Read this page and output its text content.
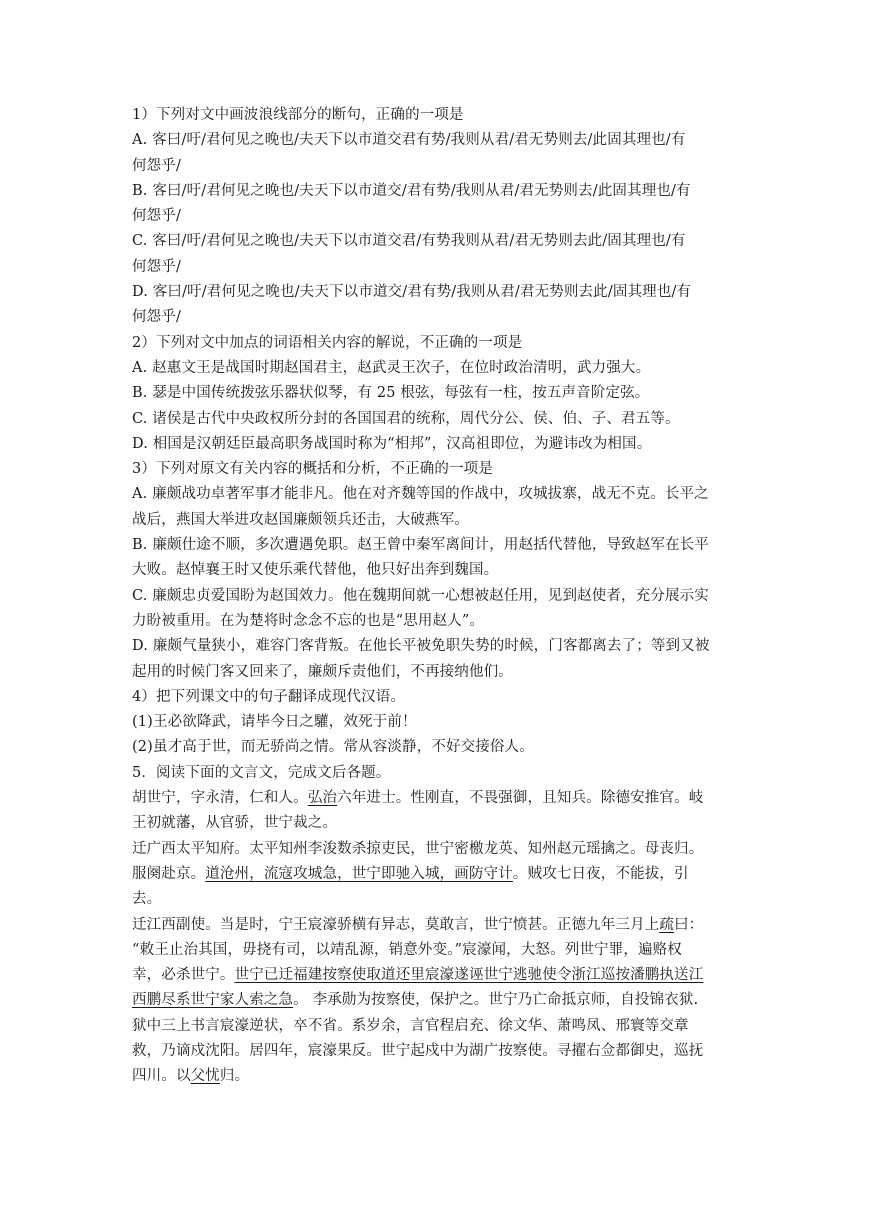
1）下列对文中画波浪线部分的断句，正确的一项是
A. 客曰/吁/君何见之晚也/夫天下以市道交君有势/我则从君/君无势则去/此固其理也/有
何怨乎/
B. 客曰/吁/君何见之晚也/夫天下以市道交/君有势/我则从君/君无势则去/此固其理也/有
何怨乎/
C. 客曰/吁/君何见之晚也/夫天下以市道交君/有势我则从君/君无势则去此/固其理也/有
何怨乎/
D. 客曰/吁/君何见之晚也/夫天下以市道交/君有势/我则从君/君无势则去此/固其理也/有
何怨乎/
2）下列对文中加点的词语相关内容的解说，不正确的一项是
A. 赵惠文王是战国时期赵国君主，赵武灵王次子，在位时政治清明，武力强大。
B. 瑟是中国传统拨弦乐器状似琴，有 25 根弦，每弦有一柱，按五声音阶定弦。
C. 诸侯是古代中央政权所分封的各国国君的统称，周代分公、侯、伯、子、君五等。
D. 相国是汉朝廷臣最高职务战国时称为“相邦”，汉高祖即位，为避讳改为相国。
3）下列对原文有关内容的概括和分析，不正确的一项是
A. 廉颇战功卓著军事才能非凡。他在对齐魏等国的作战中，攻城拔寨，战无不克。长平之
战后，燕国大举进攻赵国廉颇领兵还击，大破燕军。
B. 廉颇仕途不顺，多次遭遇免职。赵王曾中秦军离间计，用赵括代替他，导致赵军在长平
大败。赵悼襄王时又使乐乘代替他，他只好出奔到魏国。
C. 廉颇忠贞爱国盼为赵国效力。他在魏期间就一心想被赵任用，见到赵使者，充分展示实
力盼被重用。在为楚将时念念不忘的也是“思用赵人”。
D. 廉颇气量狭小，难容门客背叛。在他长平被免职失势的时候，门客都离去了；等到又被
起用的时候门客又回来了，廉颇斥责他们，不再接纳他们。
4）把下列课文中的句子翻译成现代汉语。
(1)王必欲降武，请毕今日之驩，效死于前！
(2)虽才高于世，而无骄尚之情。常从容淡静，不好交接俗人。
5．阅读下面的文言文，完成文后各题。
胡世宁，字永清，仁和人。弘治六年进士。性刚直，不畏强御，且知兵。除德安推官。岐
王初就藩，从官骄，世宁裁之。
迁广西太平知府。太平知州李浚数杀掠吏民，世宁密檄龙英、知州赵元瑶擒之。母丧归。
服阕赴京。道沧州，流寇攻城急，世宁即驰入城，画防守计。贼攻七日夜，不能拔，引
去。
迁江西副使。当是时，宁王宸濠骄横有异志，莫敢言，世宁愤甚。正德九年三月上疏曰：
“敕王止治其国，毋挠有司，以靖乱源，销意外变。”宸濠闻，大怒。列世宁罪，遍赂权
幸，必杀世宁。世宁已迁福建按察使取道还里宸濠遂诬世宁逃驰使令浙江巡按潘鹏执送江
西鹏尽系世宁家人索之急。 李承勋为按察使，保护之。世宁乃亡命抵京师，自投锦衣狱.
狱中三上书言宸濠逆状，卒不省。系岁余，言官程启充、徐文华、萧鸣凤、邢寰等交章
救，乃谪戍沈阳。居四年，宸濠果反。世宁起戍中为湖广按察使。寻擢右佥都御史，巡抚
四川。以父忧归。
